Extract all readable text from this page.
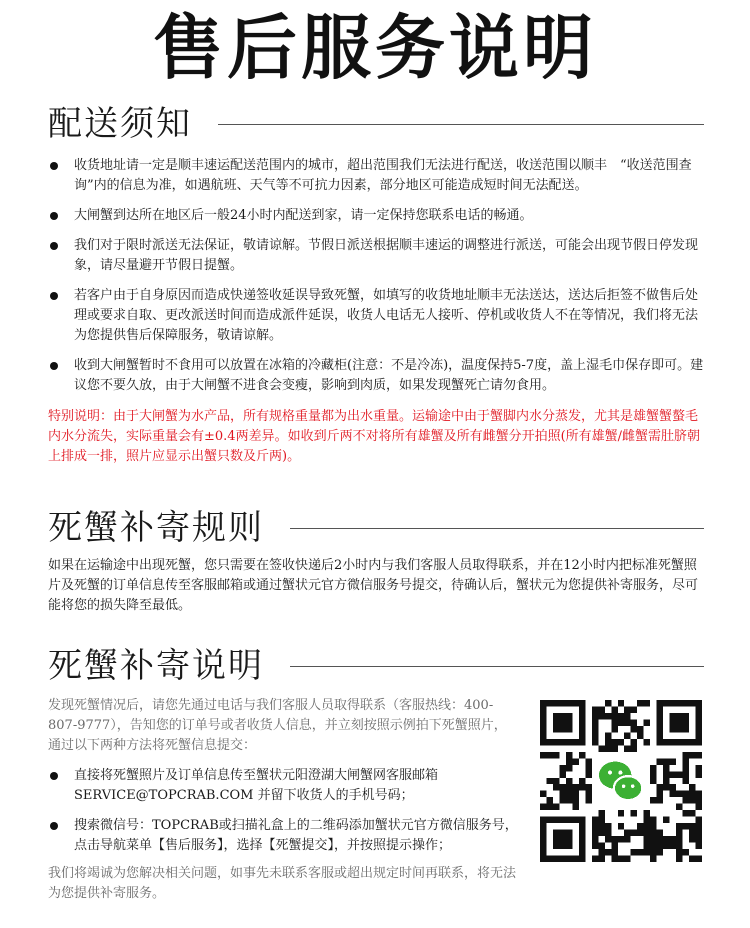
售后服务说明
配送须知
收货地址请一定是顺丰速运配送范围内的城市，超出范围我们无法进行配送，收送范围以顺丰　“收送范围查询”内的信息为准，如遇航班、天气等不可抗力因素，部分地区可能造成短时间无法配送。
大闸蟹到达所在地区后一般24小时内配送到家，请一定保持您联系电话的畅通。
我们对于限时派送无法保证，敬请谅解。节假日派送根据顺丰速运的调整进行派送，可能会出现节假日停发现象，请尽量避开节假日提蟹。
若客户由于自身原因而造成快递签收延误导致死蟹，如填写的收货地址顺丰无法送达，送达后拒签不做售后处理或要求自取、更改派送时间而造成派件延误，收货人电话无人接听、停机或收货人不在等情况，我们将无法为您提供售后保障服务，敬请谅解。
收到大闸蟹暂时不食用可以放置在冰箱的冷藏柜(注意：不是冷冻)，温度保持5-7度，盖上湿毛巾保存即可。建议您不要久放，由于大闸蟹不进食会变瘦，影响到肉质，如果发现蟹死亡请勿食用。
特别说明：由于大闸蟹为水产品，所有规格重量都为出水重量。运输途中由于蟹脚内水分蒸发，尤其是雄蟹蟹螯毛内水分流失，实际重量会有±0.4两差异。如收到斤两不对将所有雄蟹及所有雌蟹分开拍照(所有雄蟹/雌蟹需肚脐朝上排成一排，照片应显示出蟹只数及斤两)。
死蟹补寄规则
如果在运输途中出现死蟹，您只需要在签收快递后2小时内与我们客服人员取得联系，并在12小时内把标准死蟹照片及死蟹的订单信息传至客服邮箱或通过蟹状元官方微信服务号提交，待确认后，蟹状元为您提供补寄服务，尽可能将您的损失降至最低。
死蟹补寄说明
发现死蟹情况后，请您先通过电话与我们客服人员取得联系（客服热线：400-807-9777），告知您的订单号或者收货人信息，并立刻按照示例拍下死蟹照片，通过以下两种方法将死蟹信息提交：
直接将死蟹照片及订单信息传至蟹状元阳澄湖大闸蟹网客服邮箱 SERVICE@TOPCRAB.COM 并留下收货人的手机号码；
搜索微信号：TOPCRAB或扫描礼盒上的二维码添加蟹状元官方微信服务号，点击导航菜单【售后服务】，选择【死蟹提交】，并按照提示操作；
我们将竭诚为您解决相关问题，如事先未联系客服或超出规定时间再联系，将无法为您提供补寄服务。
